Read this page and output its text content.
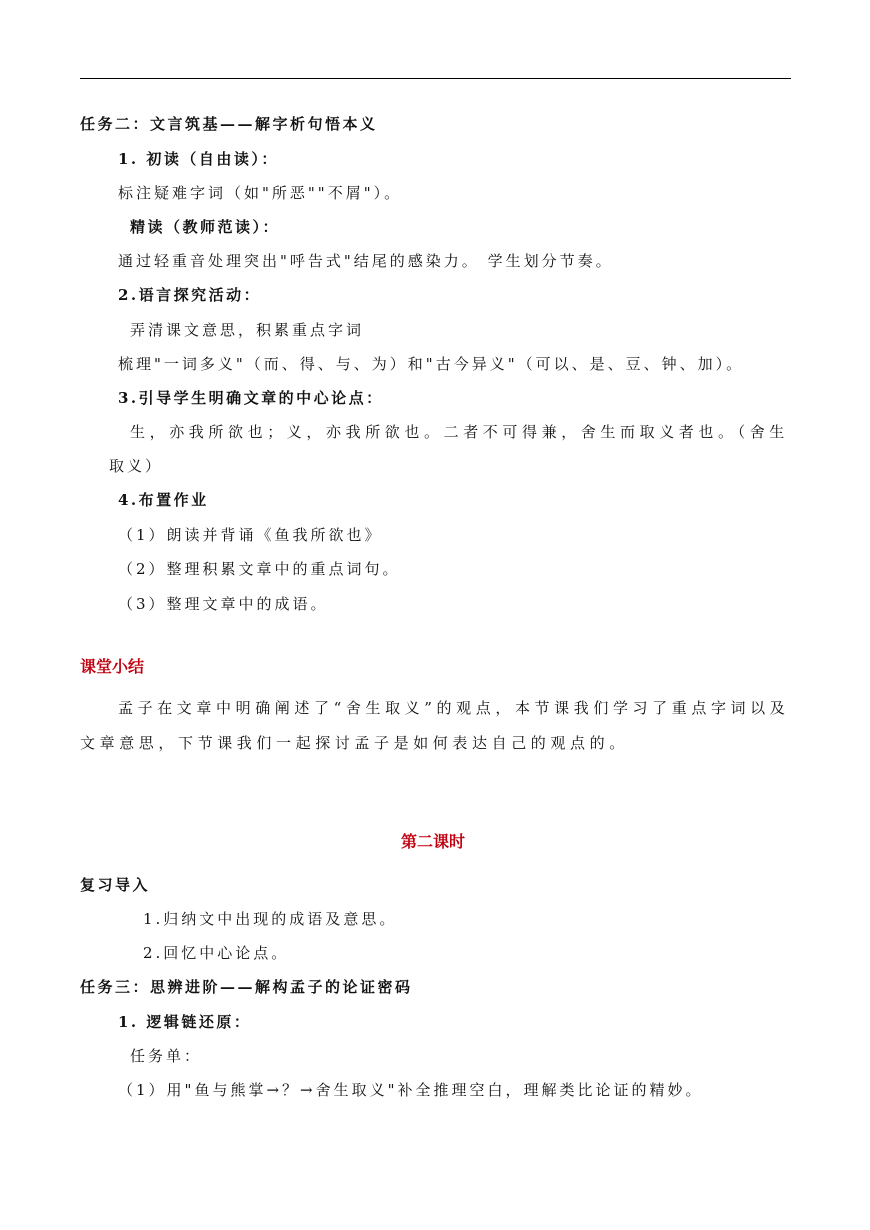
任务二：文言筑基——解字析句悟本义
1. 初读（自由读）：
标注疑难字词（如"所恶""不屑"）。
精读（教师范读）：
通过轻重音处理突出"呼告式"结尾的感染力。 学生划分节奏。
2.语言探究活动：
弄清课文意思，积累重点字词
梳理"一词多义"（而、得、与、为）和"古今异义"（可以、是、豆、钟、加）。
3.引导学生明确文章的中心论点：
生，亦我所欲也；义，亦我所欲也。二者不可得兼，舍生而取义者也。（舍生
取义）
4.布置作业
（1）朗读并背诵《鱼我所欲也》
（2）整理积累文章中的重点词句。
（3）整理文章中的成语。
课堂小结
孟子在文章中明确阐述了“舍生取义”的观点，本节课我们学习了重点字词以及
文章意思，下节课我们一起探讨孟子是如何表达自己的观点的。
第二课时
复习导入
1.归纳文中出现的成语及意思。
2.回忆中心论点。
任务三：思辨进阶——解构孟子的论证密码
1. 逻辑链还原：
任务单：
（1）用"鱼与熊掌→？→舍生取义"补全推理空白，理解类比论证的精妙。
